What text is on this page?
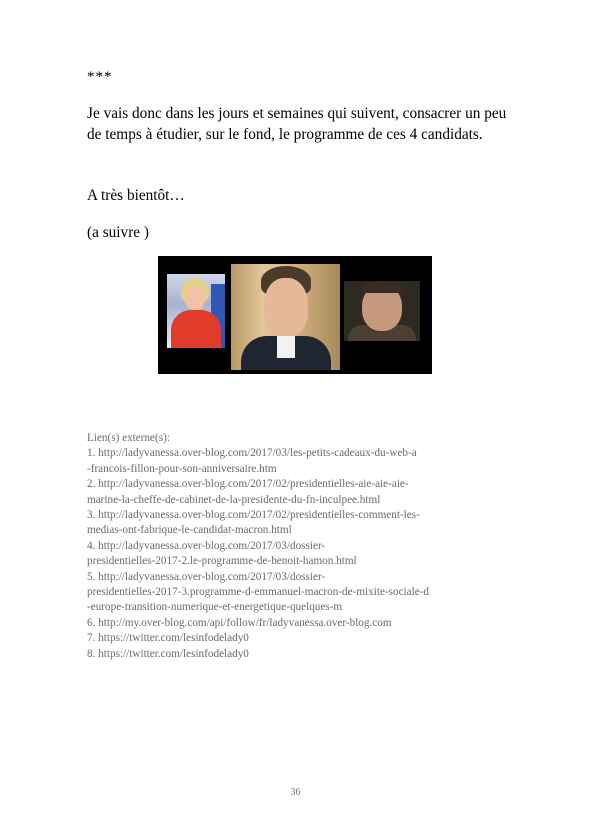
***
Je vais donc dans les jours et semaines qui suivent, consacrer un peu de temps à étudier, sur le fond, le programme de ces 4 candidats.
A très bientôt…
(a suivre )
Lien(s) externe(s):
1. http://ladyvanessa.over-blog.com/2017/03/les-petits-cadeaux-du-web-a
-francois-fillon-pour-son-anniversaire.htm
2. http://ladyvanessa.over-blog.com/2017/02/presidentielles-aie-aie-aie-
marine-la-cheffe-de-cabinet-de-la-presidente-du-fn-inculpee.html
3. http://ladyvanessa.over-blog.com/2017/02/presidentielles-comment-les-
medias-ont-fabrique-le-candidat-macron.html
4. http://ladyvanessa.over-blog.com/2017/03/dossier-
presidentielles-2017-2.le-programme-de-benoit-hamon.html
5. http://ladyvanessa.over-blog.com/2017/03/dossier-
presidentielles-2017-3.programme-d-emmanuel-macron-de-mixite-sociale-d
-europe-transition-numerique-et-energetique-quelques-m
6. http://my.over-blog.com/api/follow/fr/ladyvanessa.over-blog.com
7. https://twitter.com/lesinfodelady0
8. https://twitter.com/lesinfodelady0
36
